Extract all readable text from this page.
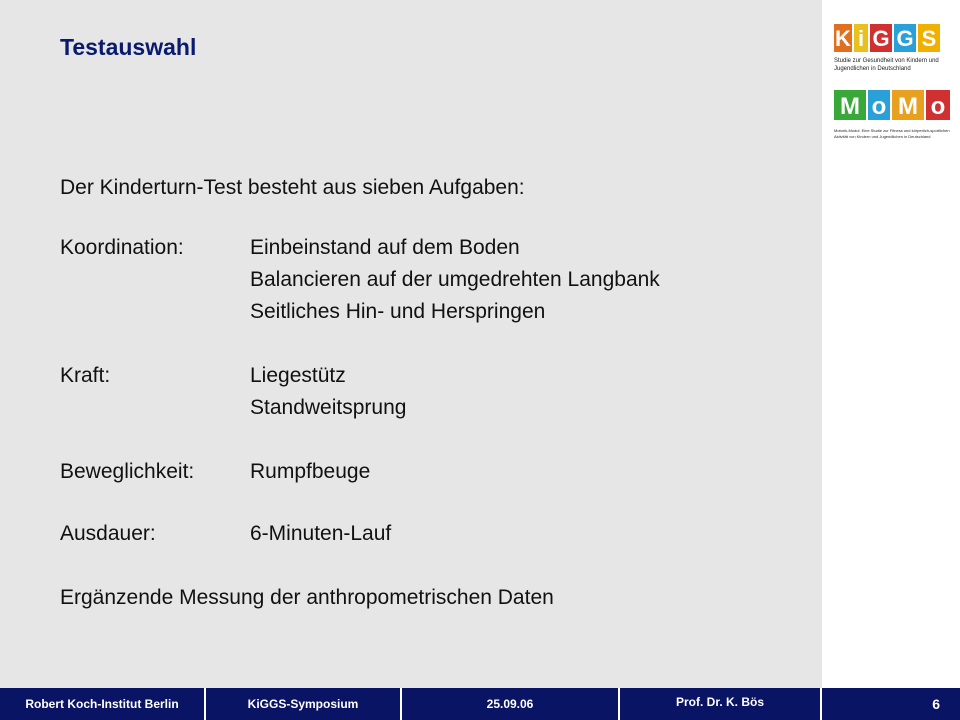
K i G G S
Studie zur Gesundheit von Kindern und
Jugendlichen in Deutschland
M o M o
Motorik-Modul: Eine Studie zur Fitness und körperlich-sportlichen
Aktivität von Kindern und Jugendlichen in Deutschland
Testauswahl
Der Kinderturn-Test besteht aus sieben Aufgaben:
Koordination:	Einbeinstand auf dem Boden
Balancieren auf der umgedrehten Langbank
Seitliches Hin- und Herspringen
Kraft:	Liegestütz
Standweitsprung
Beweglichkeit:	Rumpfbeuge
Ausdauer:	6-Minuten-Lauf
Ergänzende Messung der anthropometrischen Daten
Robert Koch-Institut Berlin	KiGGS-Symposium	25.09.06	Prof. Dr. K. Bös	6
